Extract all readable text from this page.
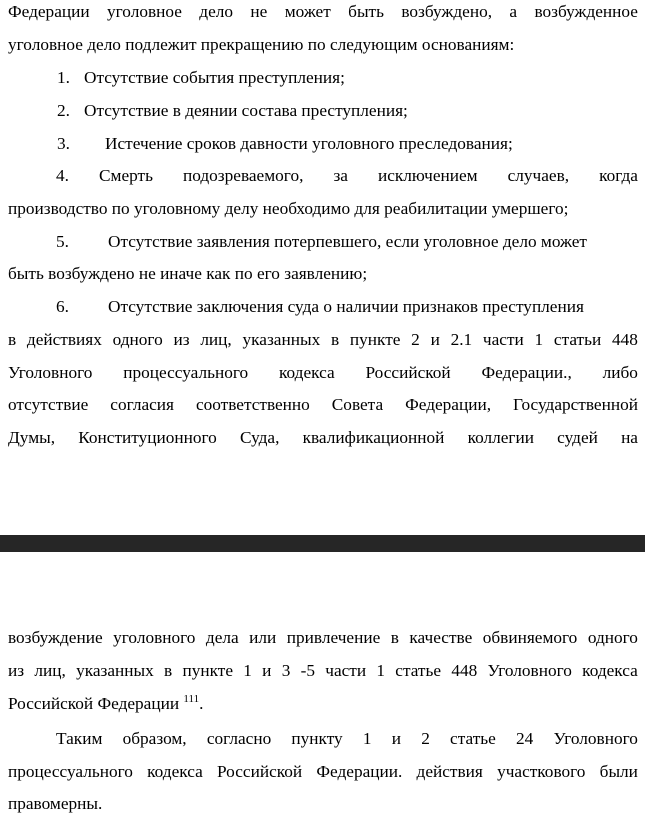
Федерации уголовное дело не может быть возбуждено, а возбужденное
уголовное дело подлежит прекращению по следующим основаниям:
1. Отсутствие события преступления;
2. Отсутствие в деянии состава преступления;
3. Истечение сроков давности уголовного преследования;
4. Смерть подозреваемого, за исключением случаев, когда
производство по уголовному делу необходимо для реабилитации умершего;
5. Отсутствие заявления потерпевшего, если уголовное дело может
быть возбуждено не иначе как по его заявлению;
6. Отсутствие заключения суда о наличии признаков преступления
в действиях одного из лиц, указанных в пункте 2 и 2.1 части 1 статьи 448
Уголовного процессуального кодекса Российской Федерации., либо
отсутствие согласия соответственно Совета Федерации, Государственной
Думы, Конституционного Суда, квалификационной коллегии судей на
возбуждение уголовного дела или привлечение в качестве обвиняемого одного
из лиц, указанных в пункте 1 и 3 -5 части 1 статье 448 Уголовного кодекса
Российской Федерации $^{111}$.
Таким образом, согласно пункту 1 и 2 статье 24 Уголовного
процессуального кодекса Российской Федерации. действия участкового были
правомерны.
